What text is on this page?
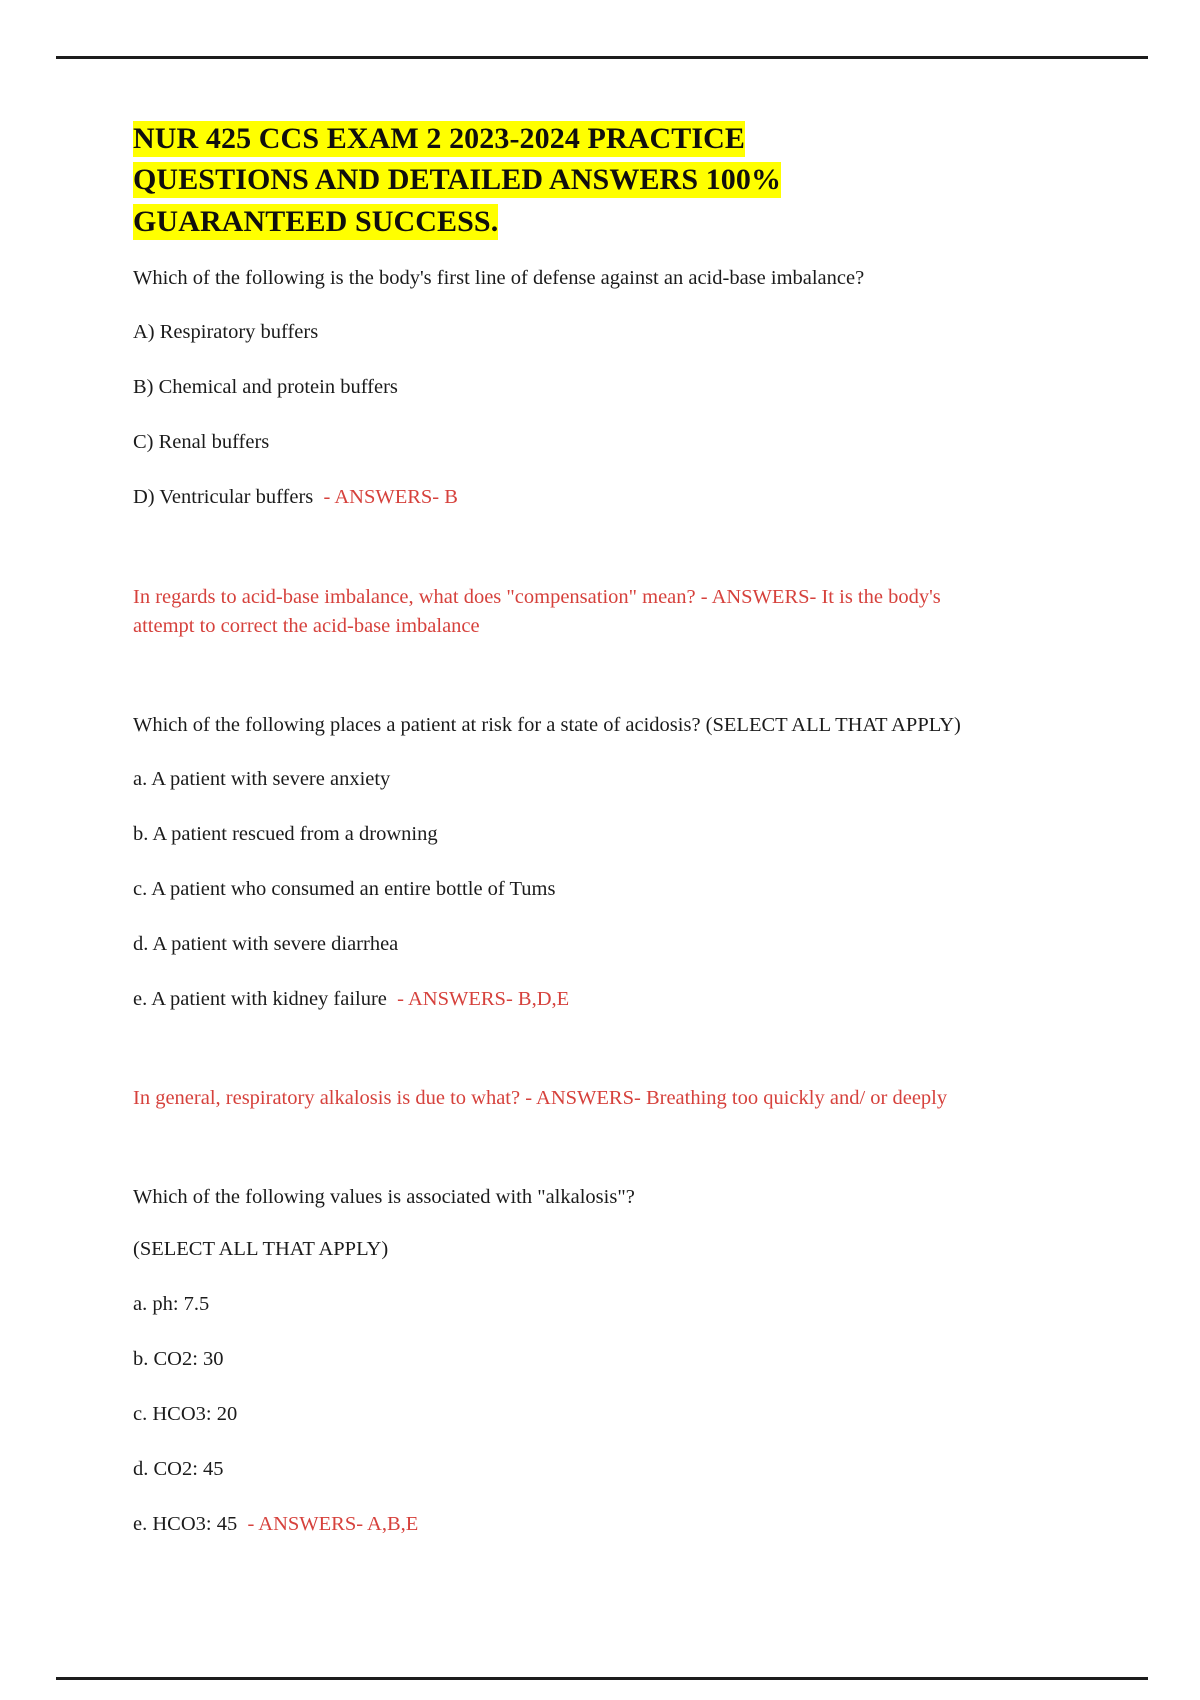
NUR 425 CCS EXAM 2 2023-2024 PRACTICE
QUESTIONS AND DETAILED ANSWERS 100%
GUARANTEED SUCCESS.

Which of the following is the body's first line of defense against an acid-base imbalance?

A) Respiratory buffers

B) Chemical and protein buffers

C) Renal buffers

D) Ventricular buffers - ANSWERS- B

In regards to acid-base imbalance, what does "compensation" mean? - ANSWERS- It is the body's attempt to correct the acid-base imbalance

Which of the following places a patient at risk for a state of acidosis? (SELECT ALL THAT APPLY)

a. A patient with severe anxiety

b. A patient rescued from a drowning

c. A patient who consumed an entire bottle of Tums

d. A patient with severe diarrhea

e. A patient with kidney failure - ANSWERS- B,D,E

In general, respiratory alkalosis is due to what? - ANSWERS- Breathing too quickly and/ or deeply

Which of the following values is associated with "alkalosis"?

(SELECT ALL THAT APPLY)

a. ph: 7.5

b. CO2: 30

c. HCO3: 20

d. CO2: 45

e. HCO3: 45 - ANSWERS- A,B,E
